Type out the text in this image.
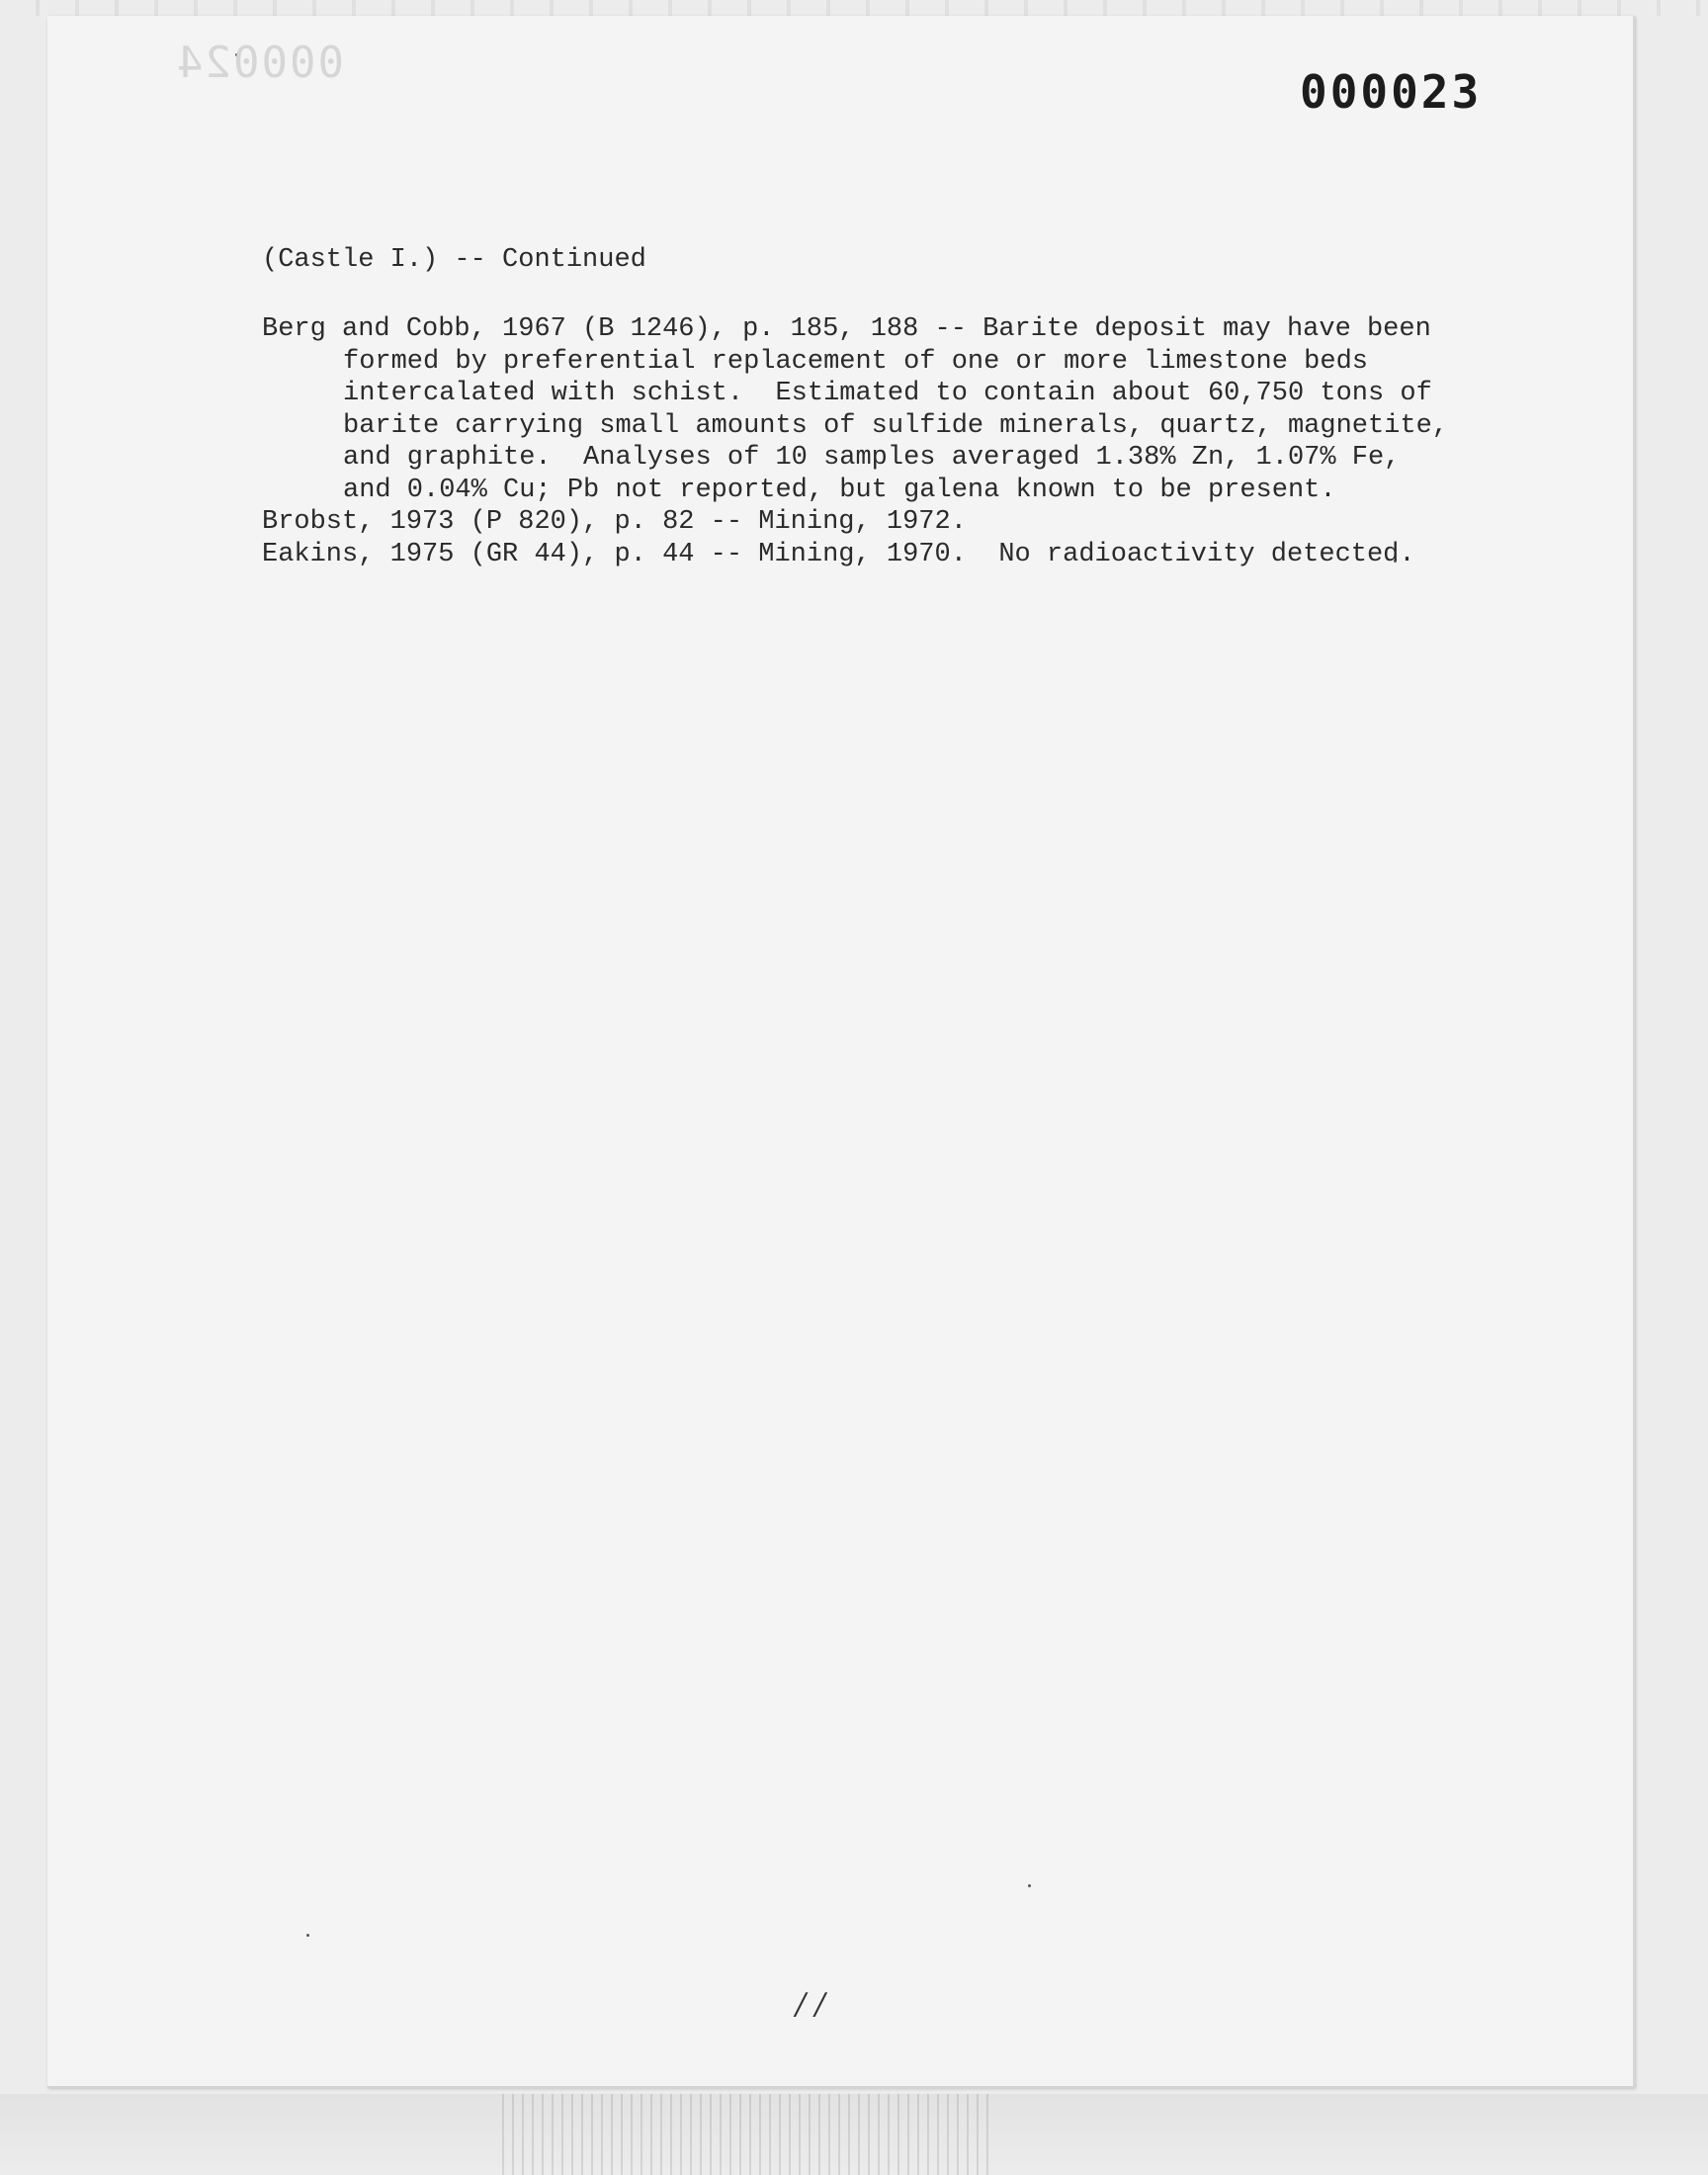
000024
000023
(Castle I.) -- Continued

Berg and Cobb, 1967 (B 1246), p. 185, 188 -- Barite deposit may have been
formed by preferential replacement of one or more limestone beds
intercalated with schist.  Estimated to contain about 60,750 tons of
barite carrying small amounts of sulfide minerals, quartz, magnetite,
and graphite.  Analyses of 10 samples averaged 1.38% Zn, 1.07% Fe,
and 0.04% Cu; Pb not reported, but galena known to be present.

Brobst, 1973 (P 820), p. 82 -- Mining, 1972.

Eakins, 1975 (GR 44), p. 44 -- Mining, 1970.  No radioactivity detected.

/ /
